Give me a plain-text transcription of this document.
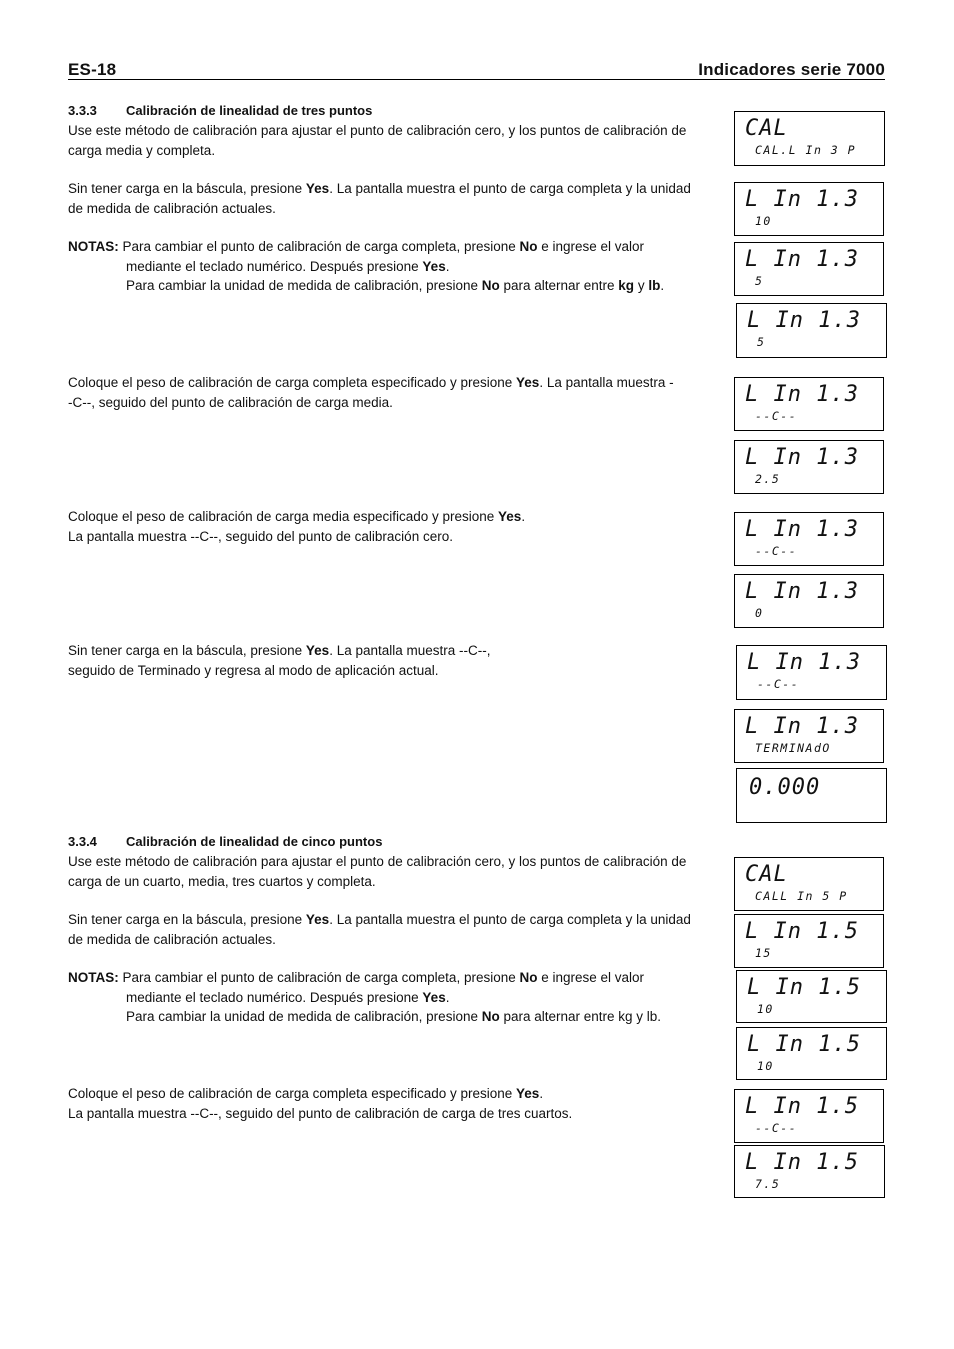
ES-18	Indicadores serie 7000
3.3.3 Calibración de linealidad de tres puntos
Use este método de calibración para ajustar el punto de calibración cero, y los puntos de calibración de carga media y completa.
Sin tener carga en la báscula, presione Yes. La pantalla muestra el punto de carga completa y la unidad de medida de calibración actuales.
NOTAS: Para cambiar el punto de calibración de carga completa, presione No e ingrese el valor
mediante el teclado numérico. Después presione Yes.
Para cambiar la unidad de medida de calibración, presione No para alternar entre kg y lb.
Coloque el peso de calibración de carga completa especificado y presione Yes. La pantalla muestra -
-C--, seguido del punto de calibración de carga media.
Coloque el peso de calibración de carga media especificado y presione Yes.
La pantalla muestra --C--, seguido del punto de calibración cero.
Sin tener carga en la báscula, presione Yes. La pantalla muestra --C--,
seguido de Terminado y regresa al modo de aplicación actual.
3.3.4 Calibración de linealidad de cinco puntos
Use este método de calibración para ajustar el punto de calibración cero, y los puntos de calibración de carga de un cuarto, media, tres cuartos y completa.
Sin tener carga en la báscula, presione Yes. La pantalla muestra el punto de carga completa y la unidad de medida de calibración actuales.
NOTAS: Para cambiar el punto de calibración de carga completa, presione No e ingrese el valor
mediante el teclado numérico. Después presione Yes.
Para cambiar la unidad de medida de calibración, presione No para alternar entre kg y lb.
Coloque el peso de calibración de carga completa especificado y presione Yes.
La pantalla muestra --C--, seguido del punto de calibración de carga de tres cuartos.
CAL
CAL.L In 3 P
L In 1.3
10
L In 1.3
5
L In 1.3
5
L In 1.3
--C--
L In 1.3
2.5
L In 1.3
--C--
L In 1.3
0
L In 1.3
--C--
L In 1.3
TERMINAdO
0.000
CAL
CALL In 5 P
L In 1.5
15
L In 1.5
10
L In 1.5
10
L In 1.5
--C--
L In 1.5
7.5
